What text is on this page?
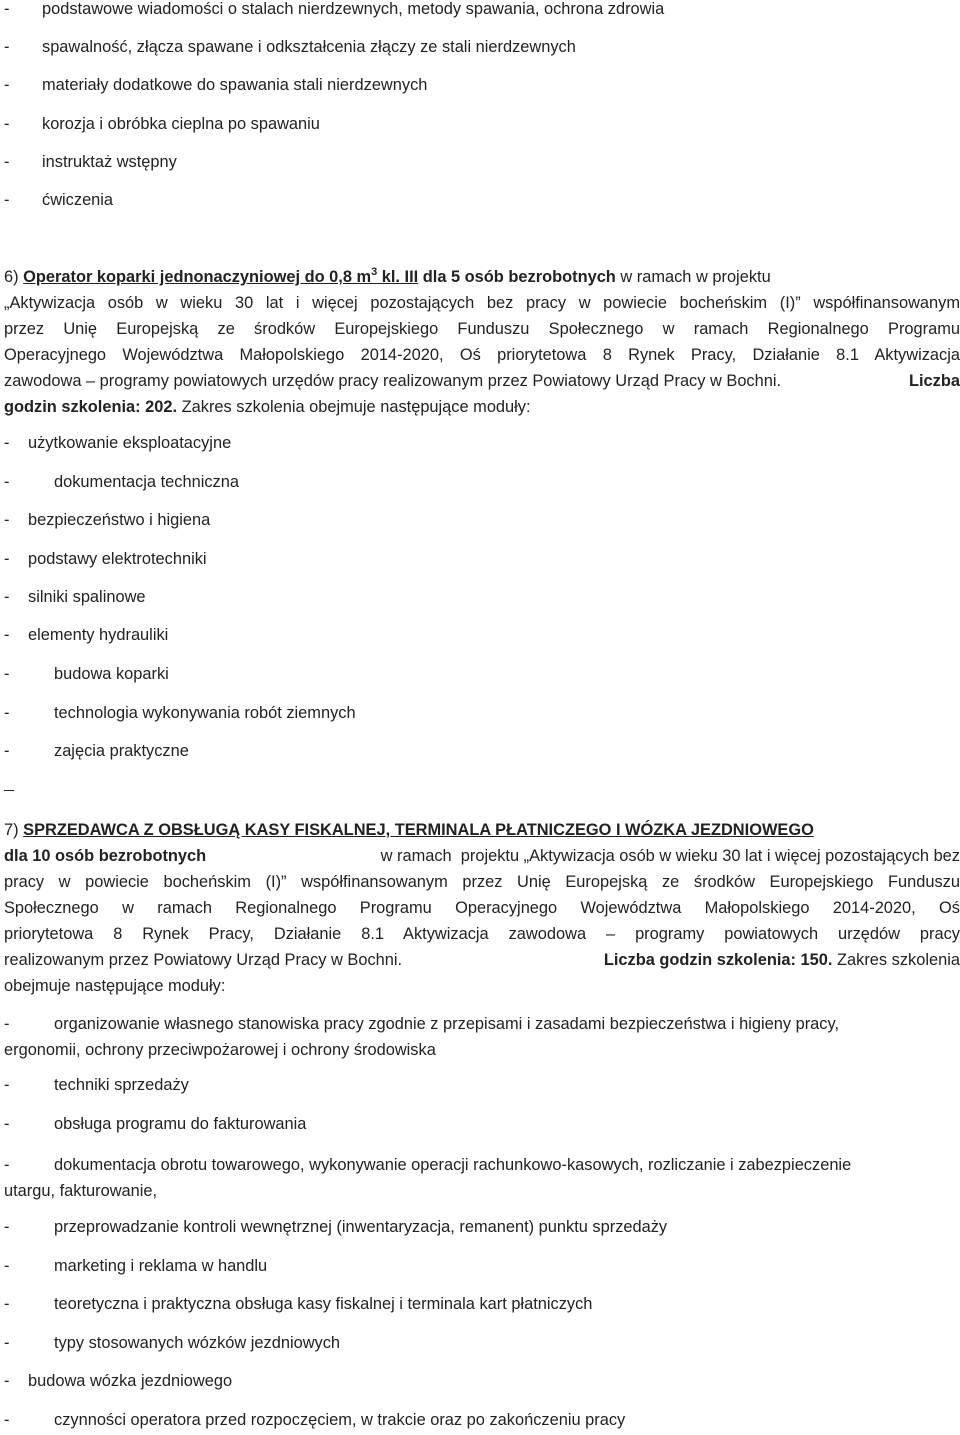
- podstawowe wiadomości o stalach nierdzewnych, metody spawania, ochrona zdrowia
- spawalność, złącza spawane i odkształcenia złączy ze stali nierdzewnych
- materiały dodatkowe do spawania stali nierdzewnych
- korozja i obróbka cieplna po spawaniu
- instruktaż wstępny
- ćwiczenia
6) Operator koparki jednonaczyniowej do 0,8 $m^3$ kl. III dla 5 osób bezrobotnych w ramach w projektu
„Aktywizacja osób w wieku 30 lat i więcej pozostających bez pracy w powiecie bocheńskim (I)” współfinansowanym
przez Unię Europejską ze środków Europejskiego Funduszu Społecznego w ramach Regionalnego Programu
Operacyjnego Województwa Małopolskiego 2014-2020, Oś priorytetowa 8 Rynek Pracy, Działanie 8.1 Aktywizacja
zawodowa – programy powiatowych urzędów pracy realizowanym przez Powiatowy Urząd Pracy w Bochni.	Liczba
godzin szkolenia: 202. Zakres szkolenia obejmuje następujące moduły:
- użytkowanie eksploatacyjne
-	dokumentacja techniczna
- bezpieczeństwo i higiena
- podstawy elektrotechniki
- silniki spalinowe
- elementy hydrauliki
-	budowa koparki
-	technologia wykonywania robót ziemnych
-	zajęcia praktyczne
7) SPRZEDAWCA Z OBSŁUGĄ KASY FISKALNEJ, TERMINALA PŁATNICZEGO I WÓZKA JEZDNIOWEGO
dla 10 osób bezrobotnych	w ramach  projektu „Aktywizacja osób w wieku 30 lat i więcej pozostających bez
pracy w powiecie bocheńskim (I)” współfinansowanym przez Unię Europejską ze środków Europejskiego Funduszu
Społecznego w ramach Regionalnego Programu Operacyjnego Województwa Małopolskiego 2014-2020, Oś
priorytetowa 8 Rynek Pracy, Działanie 8.1 Aktywizacja zawodowa – programy powiatowych urzędów pracy
realizowanym przez Powiatowy Urząd Pracy w Bochni.	Liczba godzin szkolenia: 150. Zakres szkolenia
obejmuje następujące moduły:
-	organizowanie własnego stanowiska pracy zgodnie z przepisami i zasadami bezpieczeństwa i higieny pracy,
ergonomii, ochrony przeciwpożarowej i ochrony środowiska
-	techniki sprzedaży
-	obsługa programu do fakturowania
-	dokumentacja obrotu towarowego, wykonywanie operacji rachunkowo-kasowych, rozliczanie i zabezpieczenie
utargu, fakturowanie,
-	przeprowadzanie kontroli wewnętrznej (inwentaryzacja, remanent) punktu sprzedaży
-	marketing i reklama w handlu
-	teoretyczna i praktyczna obsługa kasy fiskalnej i terminala kart płatniczych
-	typy stosowanych wózków jezdniowych
- budowa wózka jezdniowego
-	czynności operatora przed rozpoczęciem, w trakcie oraz po zakończeniu pracy
